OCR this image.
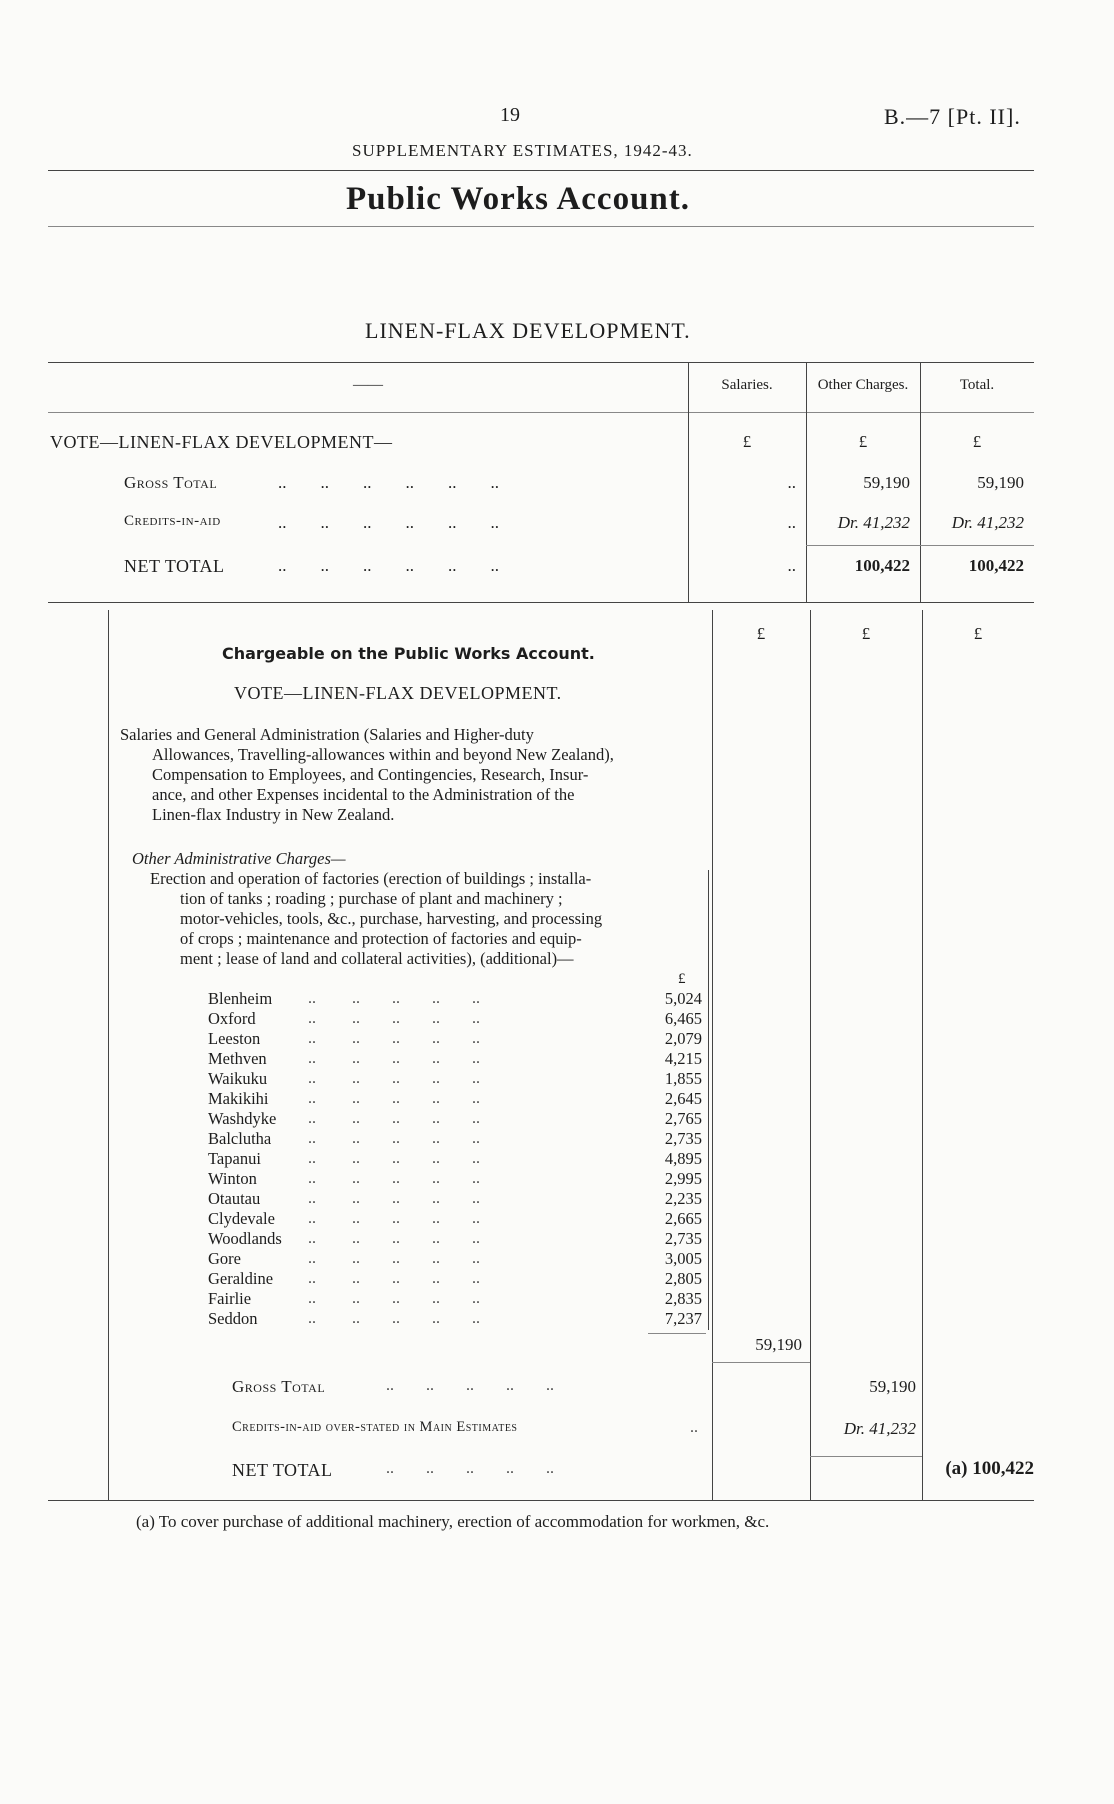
19	B.—7 [Pt. II].
SUPPLEMENTARY ESTIMATES, 1942-43.
Public Works Account.
LINEN-FLAX DEVELOPMENT.
——	Salaries.	Other Charges.	Total.
VOTE—LINEN-FLAX DEVELOPMENT—	£	£	£
Gross Total	..        ..        ..        ..        ..        ..	..	59,190	59,190
Credits-in-aid	..        ..        ..        ..        ..        ..	..	Dr. 41,232	Dr. 41,232
NET TOTAL	..        ..        ..        ..        ..        ..	..	100,422	100,422
£	£	£
Chargeable on the Public Works Account.
VOTE—LINEN-FLAX DEVELOPMENT.
Salaries and General Administration (Salaries and Higher-duty
Allowances, Travelling-allowances within and beyond New Zealand),
Compensation to Employees, and Contingencies, Research, Insur-
ance, and other Expenses incidental to the Administration of the
Linen-flax Industry in New Zealand.
Other Administrative Charges—
Erection and operation of factories (erection of buildings ; installa-
tion of tanks ; roading ; purchase of plant and machinery ;
motor-vehicles, tools, &c., purchase, harvesting, and processing
of crops ; maintenance and protection of factories and equip-
ment ; lease of land and collateral activities), (additional)—
£
Blenheim	5,024
Oxford	6,465
Leeston	2,079
Methven	4,215
Waikuku	1,855
Makikihi	2,645
Washdyke	2,765
Balclutha	2,735
Tapanui	4,895
Winton	2,995
Otautau	2,235
Clydevale	2,665
Woodlands	2,735
Gore	3,005
Geraldine	2,805
Fairlie	2,835
Seddon	7,237
..         ..        ..        ..        ..
..         ..        ..        ..        ..
..         ..        ..        ..        ..
..         ..        ..        ..        ..
..         ..        ..        ..        ..
..         ..        ..        ..        ..
..         ..        ..        ..        ..
..         ..        ..        ..        ..
..         ..        ..        ..        ..
..         ..        ..        ..        ..
..         ..        ..        ..        ..
..         ..        ..        ..        ..
..         ..        ..        ..        ..
..         ..        ..        ..        ..
..         ..        ..        ..        ..
..         ..        ..        ..        ..
..         ..        ..        ..        ..
59,190
Gross Total	..        ..        ..        ..        ..	59,190
Credits-in-aid over-stated in Main Estimates	..	Dr. 41,232
NET TOTAL	..        ..        ..        ..        ..	(a) 100,422
(a) To cover purchase of additional machinery, erection of accommodation for workmen, &c.
